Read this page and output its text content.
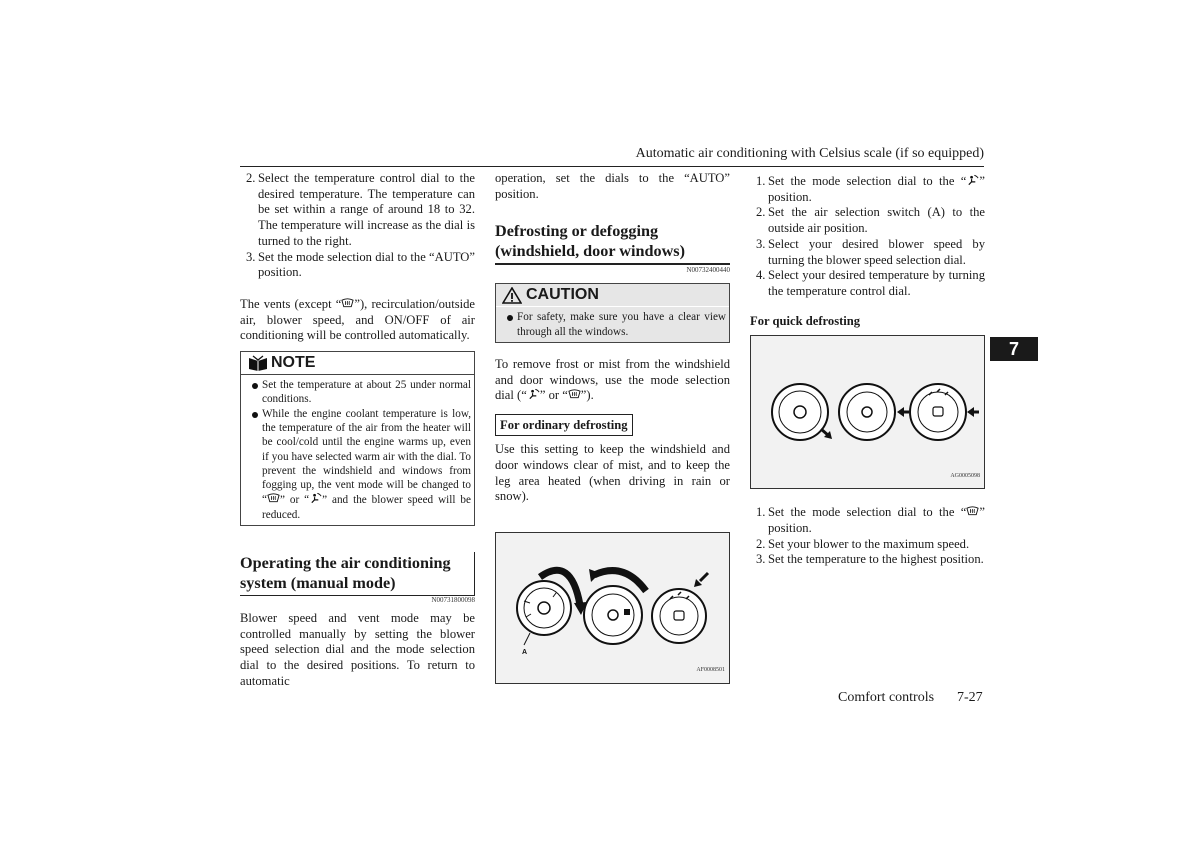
Automatic air conditioning with Celsius scale (if so equipped)
7
2. Select the temperature control dial to the desired temperature. The temperature can be set within a range of around 18 to 32. The temperature will increase as the dial is turned to the right.
3. Set the mode selection dial to the “AUTO” position.

The vents (except “ ”), recirculation/outside air, blower speed, and ON/OFF of air conditioning will be controlled automatically.

NOTE
Set the temperature at about 25 under normal conditions.
While the engine coolant temperature is low, the temperature of the air from the heater will be cool/cold until the engine warms up, even if you have selected warm air with the dial. To prevent the windshield and windows from fogging up, the vent mode will be changed to “ ” or “ ” and the blower speed will be reduced.
Operating the air conditioning system (manual mode)
N00731800098

Blower speed and vent mode may be controlled manually by setting the blower speed selection dial and the mode selection dial to the desired positions. To return to automatic

operation, set the dials to the “AUTO” position.

Defrosting or defogging (windshield, door windows)
N00732400440
CAUTION
For safety, make sure you have a clear view through all the windows.

To remove frost or mist from the windshield and door windows, use the mode selection dial (“ ” or “ ”).

For ordinary defrosting

Use this setting to keep the windshield and door windows clear of mist, and to keep the leg area heated (when driving in rain or snow).

A
AF0008501
1. Set the mode selection dial to the “ ” position.
2. Set the air selection switch (A) to the outside air position.
3. Select your desired blower speed by turning the blower speed selection dial.
4. Select your desired temperature by turning the temperature control dial.

For quick defrosting

AG0005098
1. Set the mode selection dial to the “ ” position.
2. Set your blower to the maximum speed.
3. Set the temperature to the highest position.
Comfort controls 7-27
